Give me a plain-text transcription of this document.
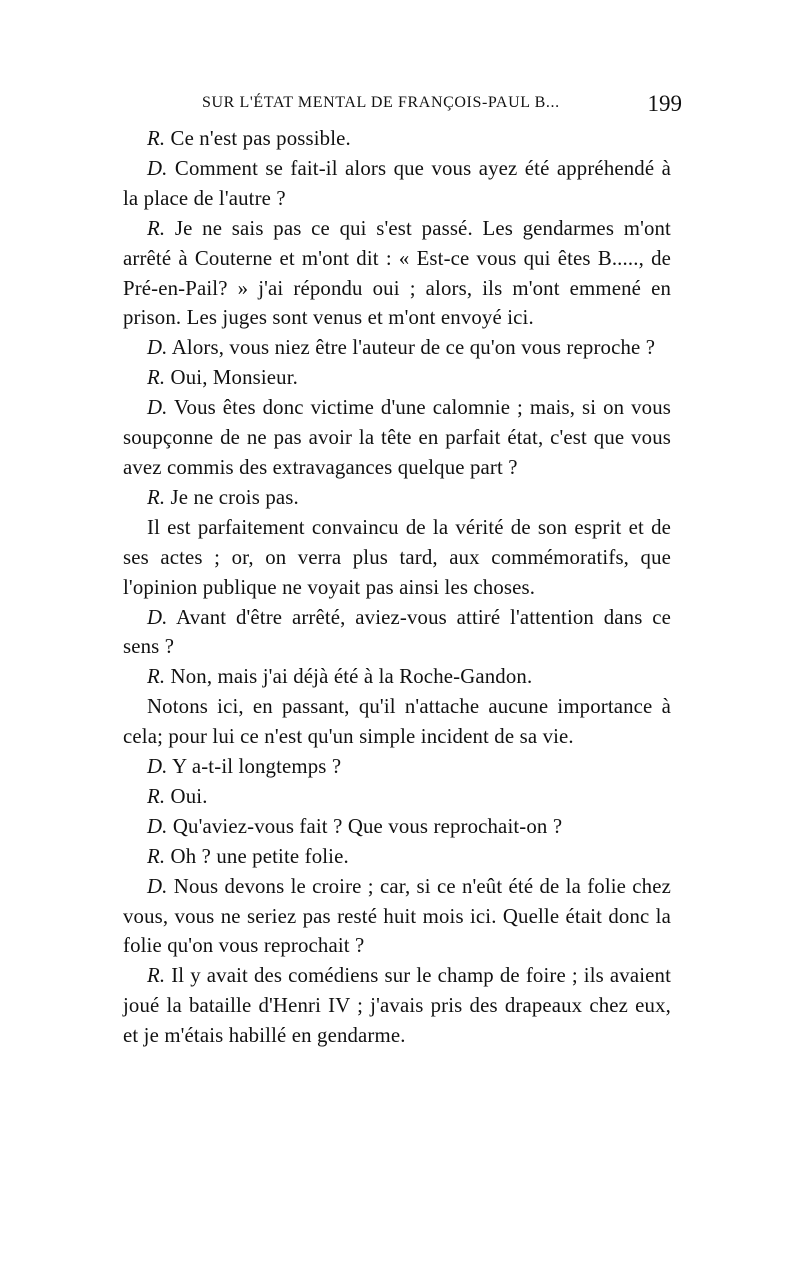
SUR L'ÉTAT MENTAL DE FRANÇOIS-PAUL B...	199

R. Ce n'est pas possible.

D. Comment se fait-il alors que vous ayez été appréhendé à la place de l'autre ?

R. Je ne sais pas ce qui s'est passé. Les gendarmes m'ont arrêté à Couterne et m'ont dit : « Est-ce vous qui êtes B....., de Pré-en-Pail? » j'ai répondu oui ; alors, ils m'ont emmené en prison. Les juges sont venus et m'ont envoyé ici.

D. Alors, vous niez être l'auteur de ce qu'on vous reproche ?

R. Oui, Monsieur.

D. Vous êtes donc victime d'une calomnie ; mais, si on vous soupçonne de ne pas avoir la tête en parfait état, c'est que vous avez commis des extravagances quelque part ?

R. Je ne crois pas.

Il est parfaitement convaincu de la vérité de son esprit et de ses actes ; or, on verra plus tard, aux commémoratifs, que l'opinion publique ne voyait pas ainsi les choses.

D. Avant d'être arrêté, aviez-vous attiré l'attention dans ce sens ?

R. Non, mais j'ai déjà été à la Roche-Gandon.

Notons ici, en passant, qu'il n'attache aucune importance à cela; pour lui ce n'est qu'un simple incident de sa vie.

D. Y a-t-il longtemps ?

R. Oui.

D. Qu'aviez-vous fait ? Que vous reprochait-on ?

R. Oh ? une petite folie.

D. Nous devons le croire ; car, si ce n'eût été de la folie chez vous, vous ne seriez pas resté huit mois ici. Quelle était donc la folie qu'on vous reprochait ?

R. Il y avait des comédiens sur le champ de foire ; ils avaient joué la bataille d'Henri IV ; j'avais pris des drapeaux chez eux, et je m'étais habillé en gendarme.
